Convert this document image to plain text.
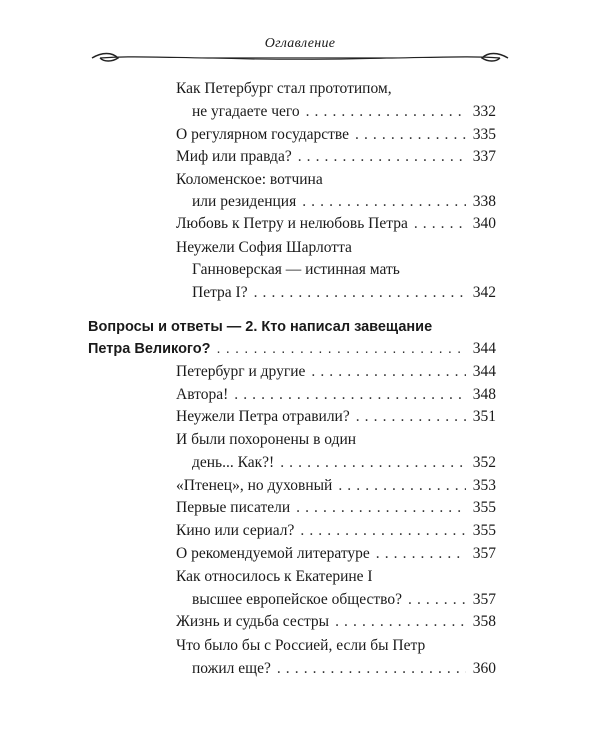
Оглавление
Как Петербург стал прототипом,
не угадаете чего . . .	332
О регулярном государстве . . .	335
Миф или правда? . . .	337
Коломенское: вотчина
или резиденция . . .	338
Любовь к Петру и нелюбовь Петра . . .	340
Неужели София Шарлотта
Ганноверская — истинная мать
Петра I? . . .	342
Вопросы и ответы — 2. Кто написал завещание
Петра Великого? . . .	344
Петербург и другие . . .	344
Автора! . . .	348
Неужели Петра отравили? . . .	351
И были похоронены в один
день... Как?! . . .	352
«Птенец», но духовный . . .	353
Первые писатели . . .	355
Кино или сериал? . . .	355
О рекомендуемой литературе . . .	357
Как относилось к Екатерине I
высшее европейское общество? . . .	357
Жизнь и судьба сестры . . .	358
Что было бы с Россией, если бы Петр
пожил еще? . . .	360
